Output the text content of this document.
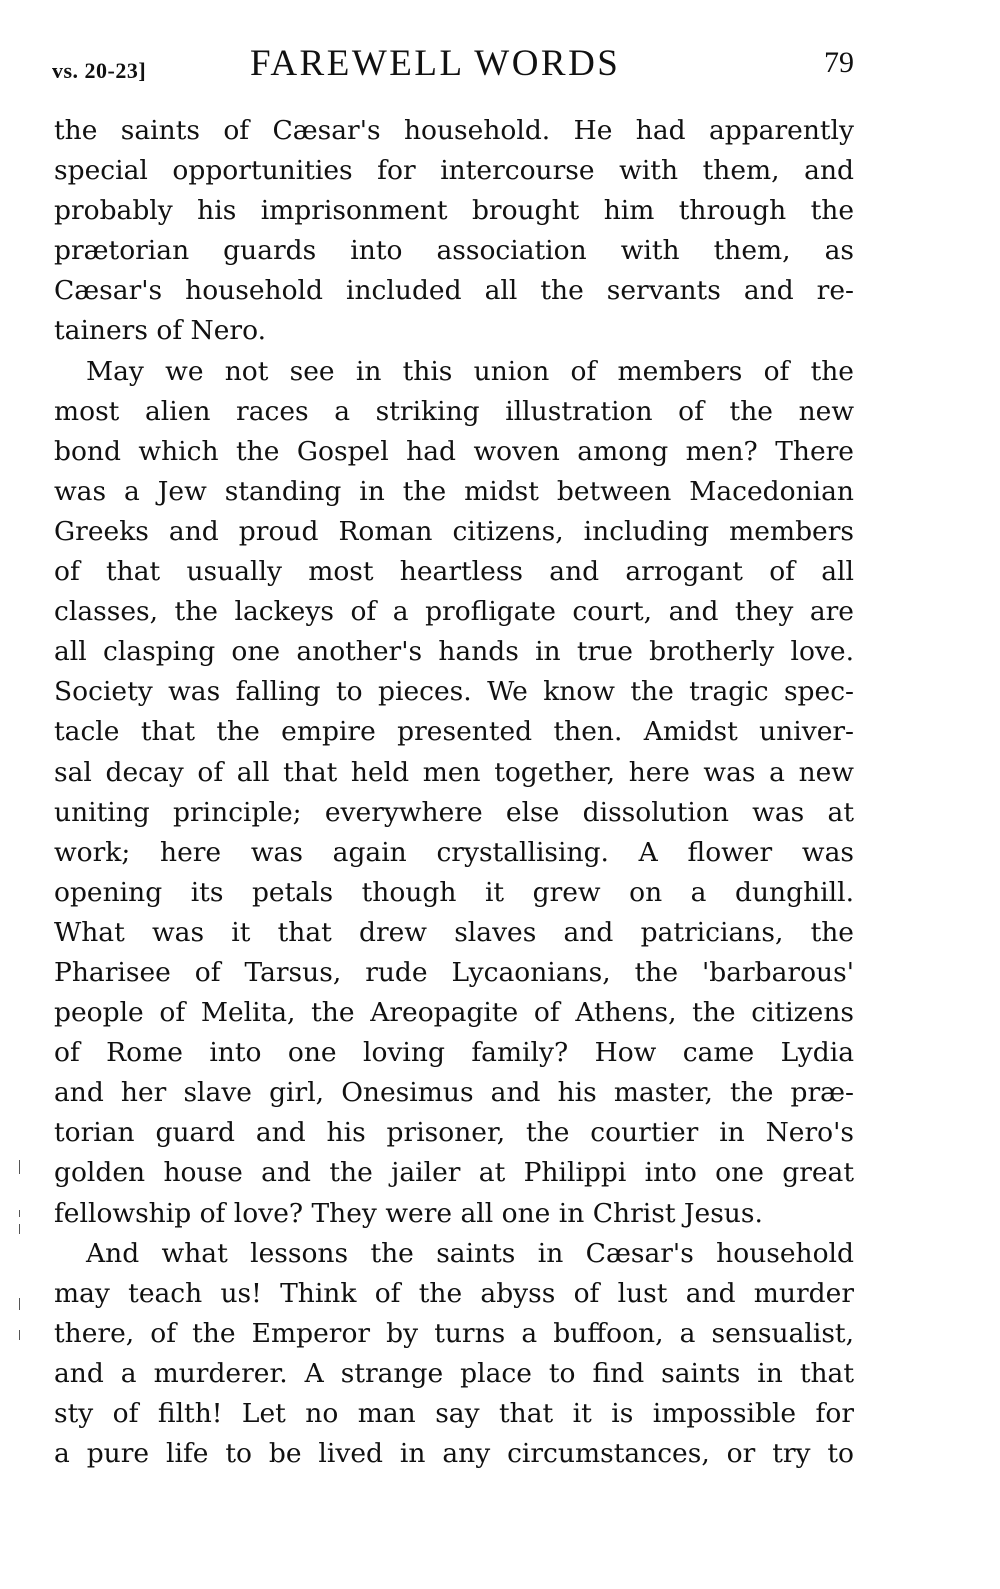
vs. 20-23]	FAREWELL WORDS	79
the saints of Cæsar's household. He had apparently
special opportunities for intercourse with them, and
probably his imprisonment brought him through the
prætorian guards into association with them, as
Cæsar's household included all the servants and re-
tainers of Nero.
May we not see in this union of members of the
most alien races a striking illustration of the new
bond which the Gospel had woven among men? There
was a Jew standing in the midst between Macedonian
Greeks and proud Roman citizens, including members
of that usually most heartless and arrogant of all
classes, the lackeys of a profligate court, and they are
all clasping one another's hands in true brotherly love.
Society was falling to pieces. We know the tragic spec-
tacle that the empire presented then. Amidst univer-
sal decay of all that held men together, here was a new
uniting principle; everywhere else dissolution was at
work; here was again crystallising. A flower was
opening its petals though it grew on a dunghill.
What was it that drew slaves and patricians, the
Pharisee of Tarsus, rude Lycaonians, the 'barbarous'
people of Melita, the Areopagite of Athens, the citizens
of Rome into one loving family? How came Lydia
and her slave girl, Onesimus and his master, the præ-
torian guard and his prisoner, the courtier in Nero's
golden house and the jailer at Philippi into one great
fellowship of love? They were all one in Christ Jesus.
And what lessons the saints in Cæsar's household
may teach us! Think of the abyss of lust and murder
there, of the Emperor by turns a buffoon, a sensualist,
and a murderer. A strange place to find saints in that
sty of filth! Let no man say that it is impossible for
a pure life to be lived in any circumstances, or try to
